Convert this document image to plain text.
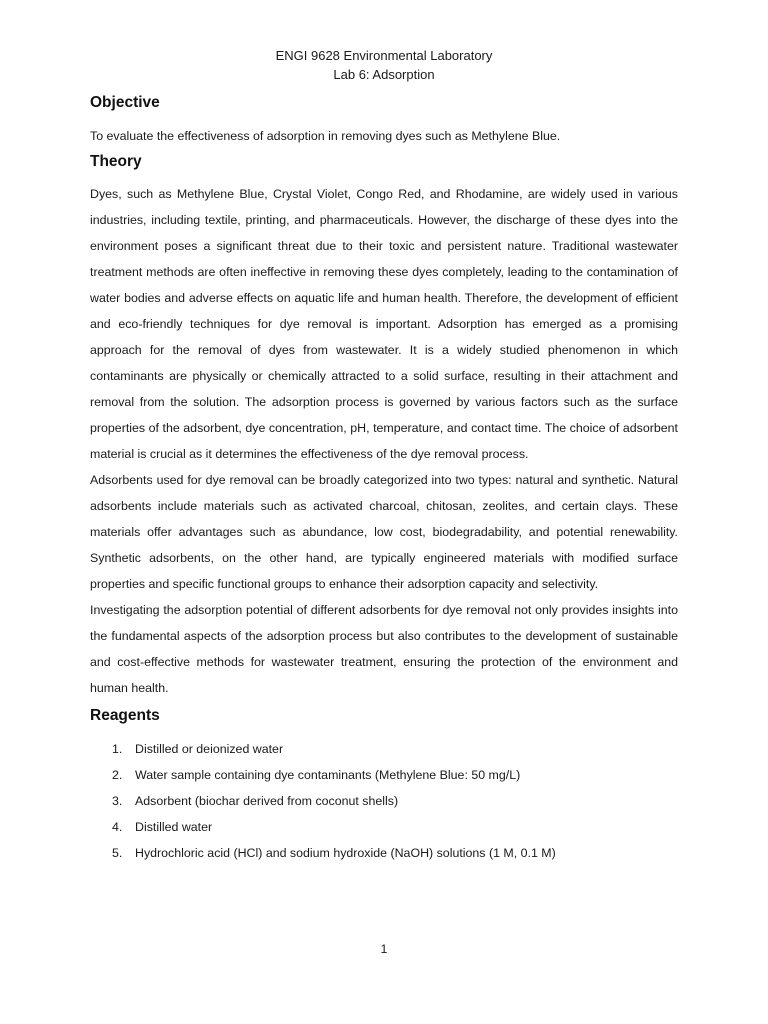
ENGI 9628 Environmental Laboratory
Lab 6: Adsorption
Objective
To evaluate the effectiveness of adsorption in removing dyes such as Methylene Blue.
Theory

Dyes, such as Methylene Blue, Crystal Violet, Congo Red, and Rhodamine, are widely used in various industries, including textile, printing, and pharmaceuticals. However, the discharge of these dyes into the environment poses a significant threat due to their toxic and persistent nature. Traditional wastewater treatment methods are often ineffective in removing these dyes completely, leading to the contamination of water bodies and adverse effects on aquatic life and human health. Therefore, the development of efficient and eco-friendly techniques for dye removal is important. Adsorption has emerged as a promising approach for the removal of dyes from wastewater. It is a widely studied phenomenon in which contaminants are physically or chemically attracted to a solid surface, resulting in their attachment and removal from the solution. The adsorption process is governed by various factors such as the surface properties of the adsorbent, dye concentration, pH, temperature, and contact time. The choice of adsorbent material is crucial as it determines the effectiveness of the dye removal process.

Adsorbents used for dye removal can be broadly categorized into two types: natural and synthetic. Natural adsorbents include materials such as activated charcoal, chitosan, zeolites, and certain clays. These materials offer advantages such as abundance, low cost, biodegradability, and potential renewability. Synthetic adsorbents, on the other hand, are typically engineered materials with modified surface properties and specific functional groups to enhance their adsorption capacity and selectivity.

Investigating the adsorption potential of different adsorbents for dye removal not only provides insights into the fundamental aspects of the adsorption process but also contributes to the development of sustainable and cost-effective methods for wastewater treatment, ensuring the protection of the environment and human health.

Reagents
1. Distilled or deionized water
2. Water sample containing dye contaminants (Methylene Blue: 50 mg/L)
3. Adsorbent (biochar derived from coconut shells)
4. Distilled water
5. Hydrochloric acid (HCl) and sodium hydroxide (NaOH) solutions (1 M, 0.1 M)
1
